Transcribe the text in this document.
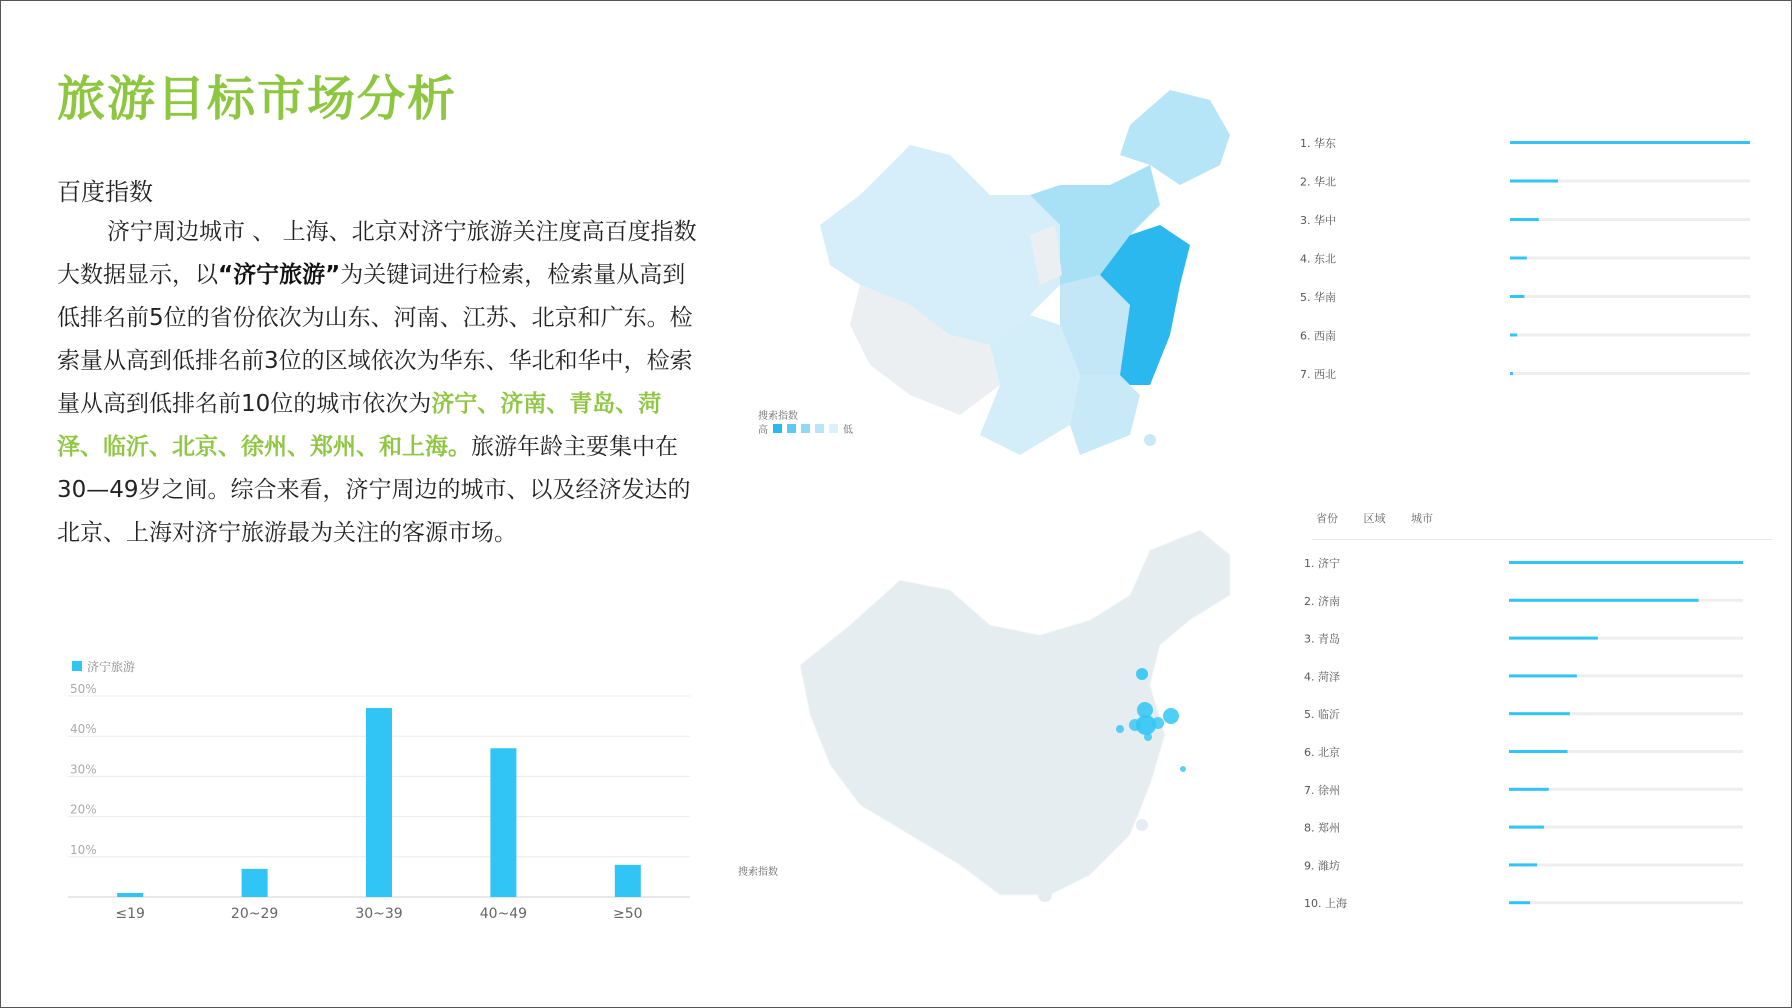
旅游目标市场分析
百度指数
济宁周边城市 、 上海、北京对济宁旅游关注度高百度指数大数据显示，以“济宁旅游”为关键词进行检索，检索量从高到低排名前5位的省份依次为山东、河南、江苏、北京和广东。检索量从高到低排名前3位的区域依次为华东、华北和华中，检索量从高到低排名前10位的城市依次为济宁、济南、青岛、菏泽、临沂、北京、徐州、郑州、和上海。旅游年龄主要集中在30—49岁之间。综合来看，济宁周边的城市、以及经济发达的北京、上海对济宁旅游最为关注的客源市场。
济宁旅游
10%
20%
30%
40%
50%
≤19	20~29	30~39	40~49	≥50
搜索指数
高	低
1. 华东
2. 华北
3. 华中
4. 东北
5. 华南
6. 西南
7. 西北
省份 区域 城市
搜索指数
1. 济宁
2. 济南
3. 青岛
4. 菏泽
5. 临沂
6. 北京
7. 徐州
8. 郑州
9. 潍坊
10. 上海
